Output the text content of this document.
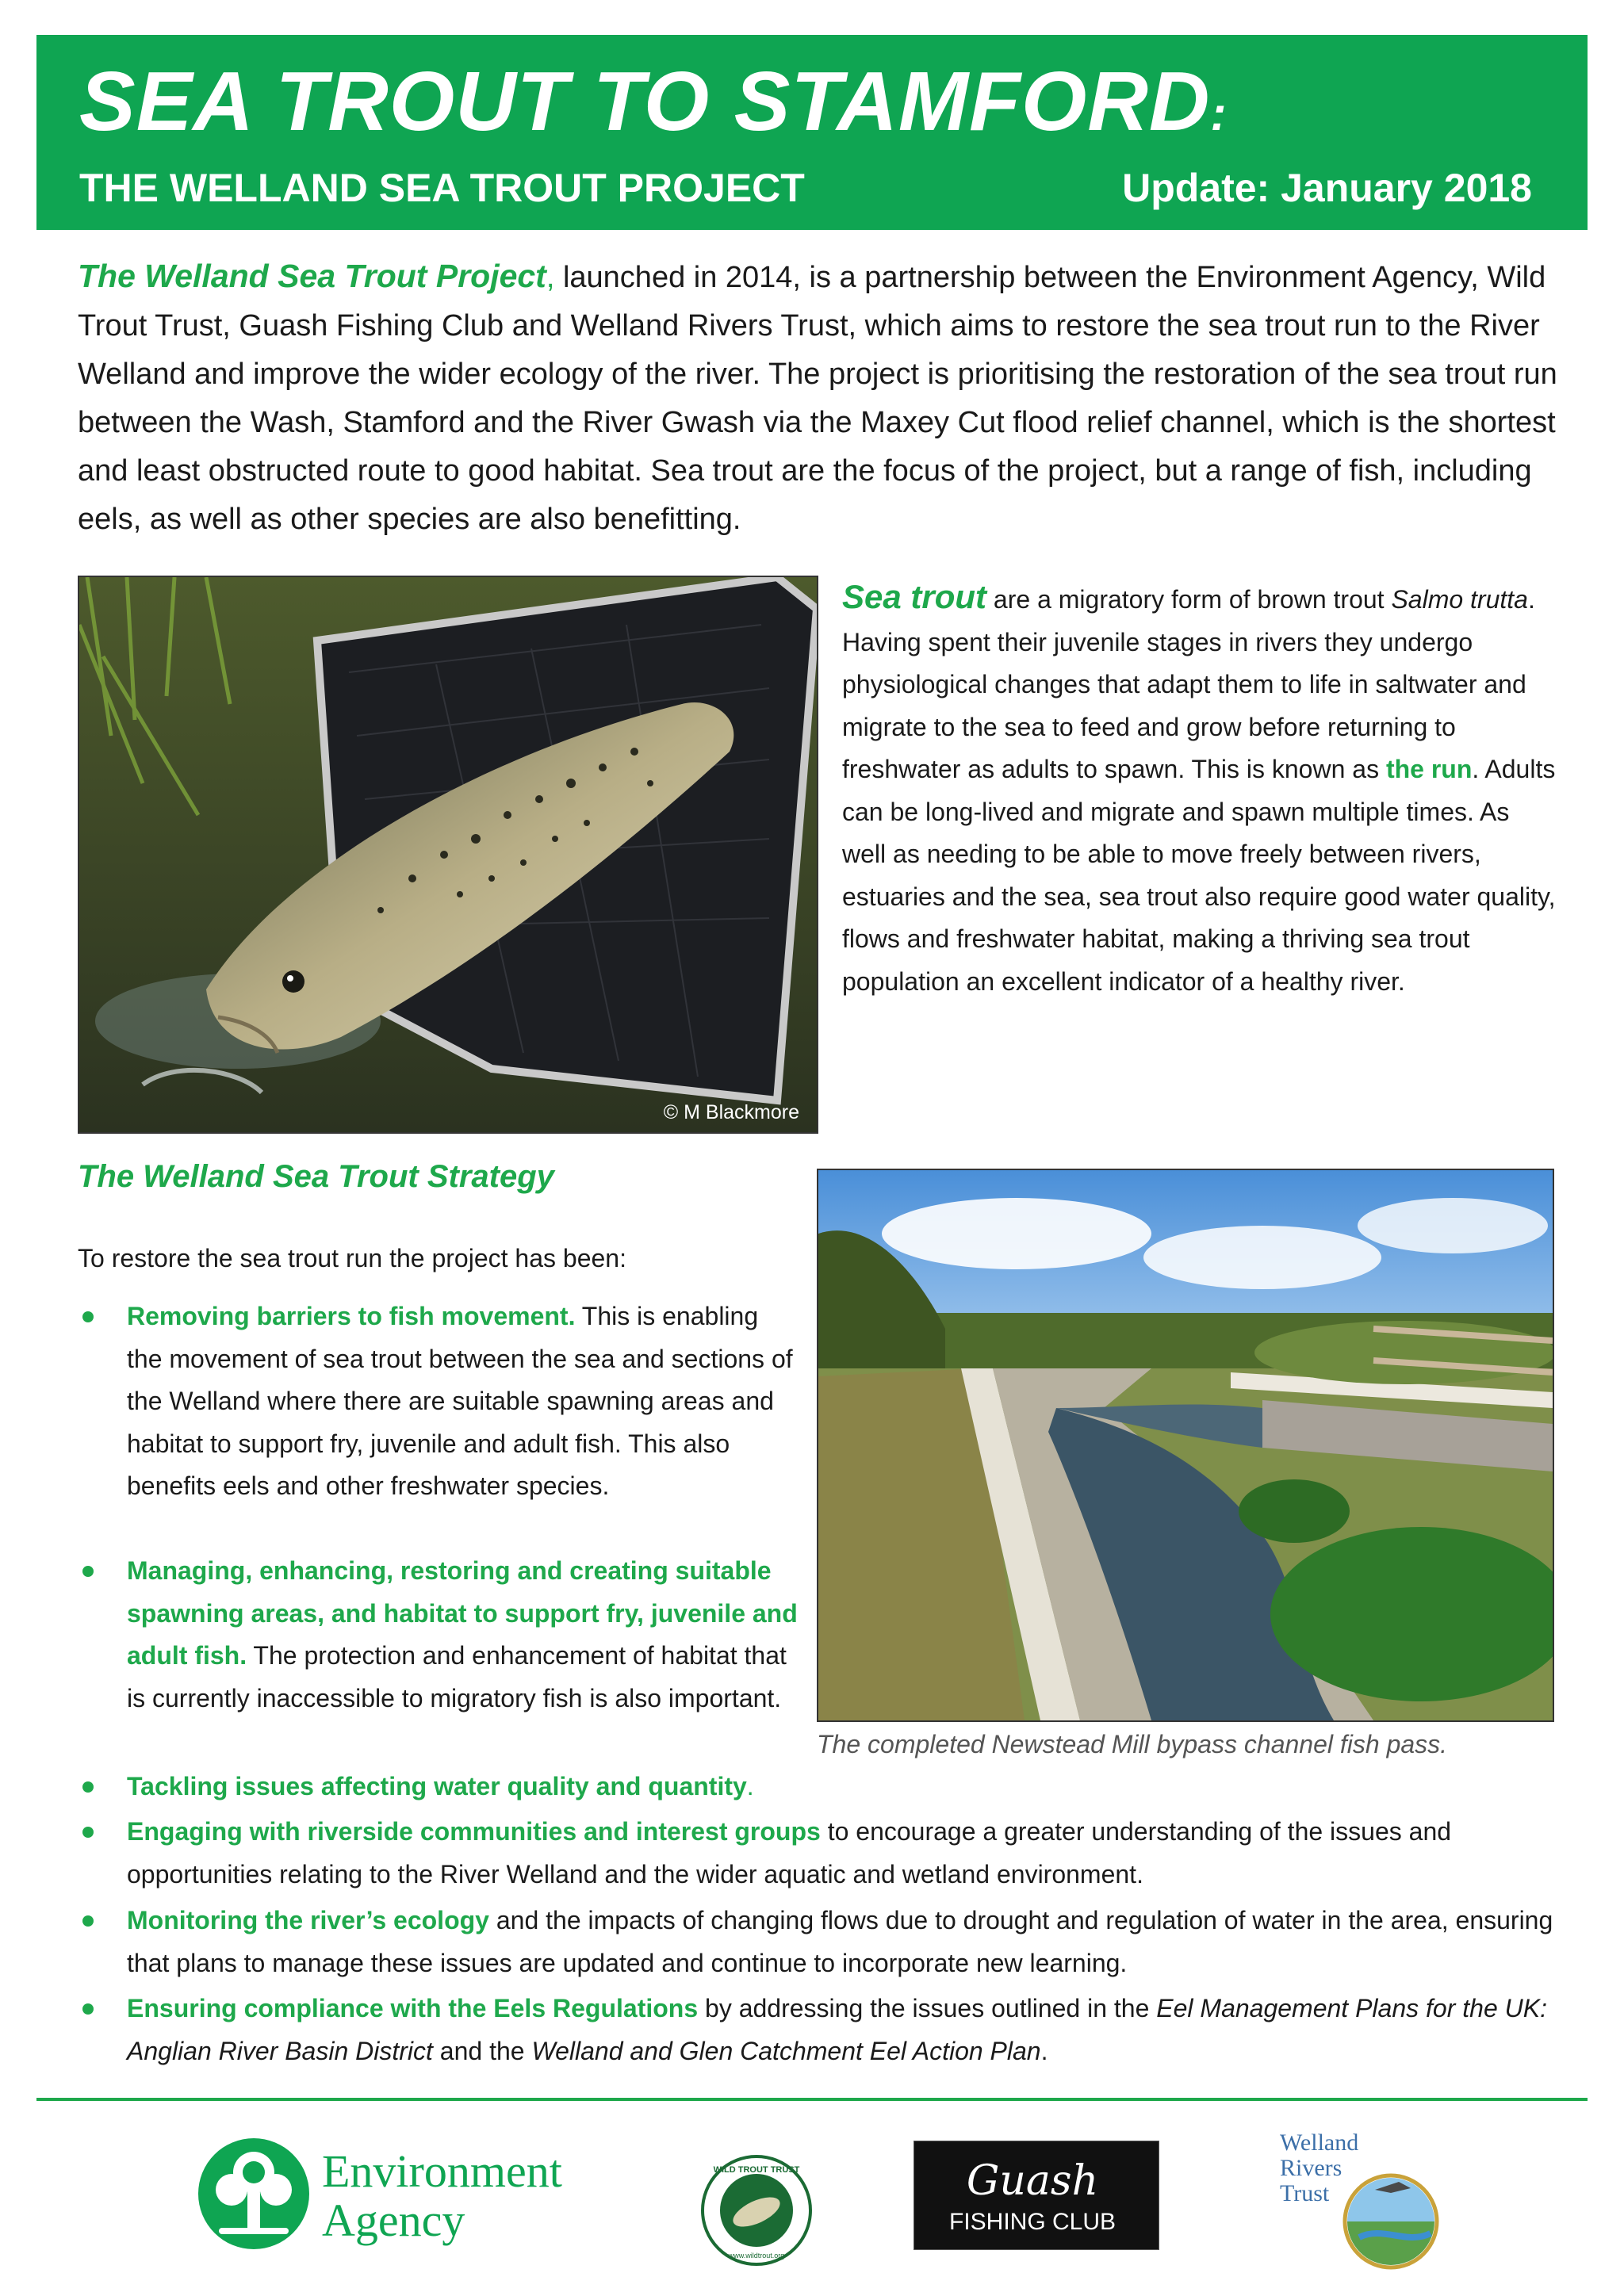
SEA TROUT TO STAMFORD:
THE WELLAND SEA TROUT PROJECT	Update: January 2018

The Welland Sea Trout Project, launched in 2014, is a partnership between the Environment Agency, Wild Trout Trust, Guash Fishing Club and Welland Rivers Trust, which aims to restore the sea trout run to the River Welland and improve the wider ecology of the river. The project is prioritising the restoration of the sea trout run between the Wash, Stamford and the River Gwash via the Maxey Cut flood relief channel, which is the shortest and least obstructed route to good habitat. Sea trout are the focus of the project, but a range of fish, including eels, as well as other species are also benefitting.

© M Blackmore

Sea trout are a migratory form of brown trout Salmo trutta. Having spent their juvenile stages in rivers they undergo physiological changes that adapt them to life in saltwater and migrate to the sea to feed and grow before returning to freshwater as adults to spawn. This is known as the run. Adults can be long-lived and migrate and spawn multiple times. As well as needing to be able to move freely between rivers, estuaries and the sea, sea trout also require good water quality, flows and freshwater habitat, making a thriving sea trout population an excellent indicator of a healthy river.

The Welland Sea Trout Strategy

To restore the sea trout run the project has been:

The completed Newstead Mill bypass channel fish pass.

Removing barriers to fish movement. This is enabling the movement of sea trout between the sea and sections of the Welland where there are suitable spawning areas and habitat to support fry, juvenile and adult fish. This also benefits eels and other freshwater species.

Managing, enhancing, restoring and creating suitable spawning areas, and habitat to support fry, juvenile and adult fish. The protection and enhancement of habitat that is currently inaccessible to migratory fish is also important.

Tackling issues affecting water quality and quantity.

Engaging with riverside communities and interest groups to encourage a greater understanding of the issues and opportunities relating to the River Welland and the wider aquatic and wetland environment.

Monitoring the river’s ecology and the impacts of changing flows due to drought and regulation of water in the area, ensuring that plans to manage these issues are updated and continue to incorporate new learning.

Ensuring compliance with the Eels Regulations by addressing the issues outlined in the Eel Management Plans for the UK: Anglian River Basin District and the Welland and Glen Catchment Eel Action Plan.

Environment
Agency
WILD TROUT TRUST
www.wildtrout.org
Guash
FISHING CLUB
Welland
Rivers
Trust
